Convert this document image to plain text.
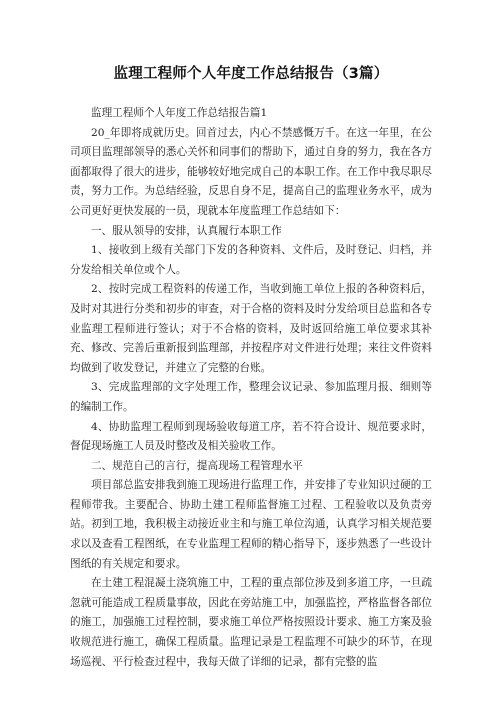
监理工程师个人年度工作总结报告（3篇）

监理工程师个人年度工作总结报告篇1

20_年即将成就历史。回首过去，内心不禁感慨万千。在这一年里，在公司项目监理部领导的悉心关怀和同事们的帮助下，通过自身的努力，我在各方面都取得了很大的进步，能够较好地完成自己的本职工作。在工作中我尽职尽责，努力工作。为总结经验，反思自身不足，提高自己的监理业务水平，成为公司更好更快发展的一员，现就本年度监理工作总结如下：

一、服从领导的安排，认真履行本职工作

1、接收到上级有关部门下发的各种资料、文件后，及时登记、归档，并分发给相关单位或个人。

2、按时完成工程资料的传递工作，当收到施工单位上报的各种资料后，及时对其进行分类和初步的审查，对于合格的资料及时分发给项目总监和各专业监理工程师进行签认；对于不合格的资料，及时返回给施工单位要求其补充、修改、完善后重新报到监理部，并按程序对文件进行处理；来往文件资料均做到了收发登记，并建立了完整的台账。

3、完成监理部的文字处理工作，整理会议记录、参加监理月报、细则等的编制工作。

4、协助监理工程师到现场验收每道工序，若不符合设计、规范要求时，督促现场施工人员及时整改及相关验收工作。

二、规范自己的言行，提高现场工程管理水平

项目部总监安排我到施工现场进行监理工作，并安排了专业知识过硬的工程师带我。主要配合、协助土建工程师监督施工过程、工程验收以及负责旁站。初到工地，我积极主动接近业主和与施工单位沟通，认真学习相关规范要求以及查看工程图纸，在专业监理工程师的精心指导下，逐步熟悉了一些设计图纸的有关规定和要求。

在土建工程混凝土浇筑施工中，工程的重点部位涉及到多道工序，一旦疏忽就可能造成工程质量事故，因此在旁站施工中，加强监控，严格监督各部位的施工，加强施工过程控制，要求施工单位严格按照设计要求、施工方案及验收规范进行施工，确保工程质量。监理记录是工程监理不可缺少的环节，在现场巡视、平行检查过程中，我每天做了详细的记录，都有完整的监
